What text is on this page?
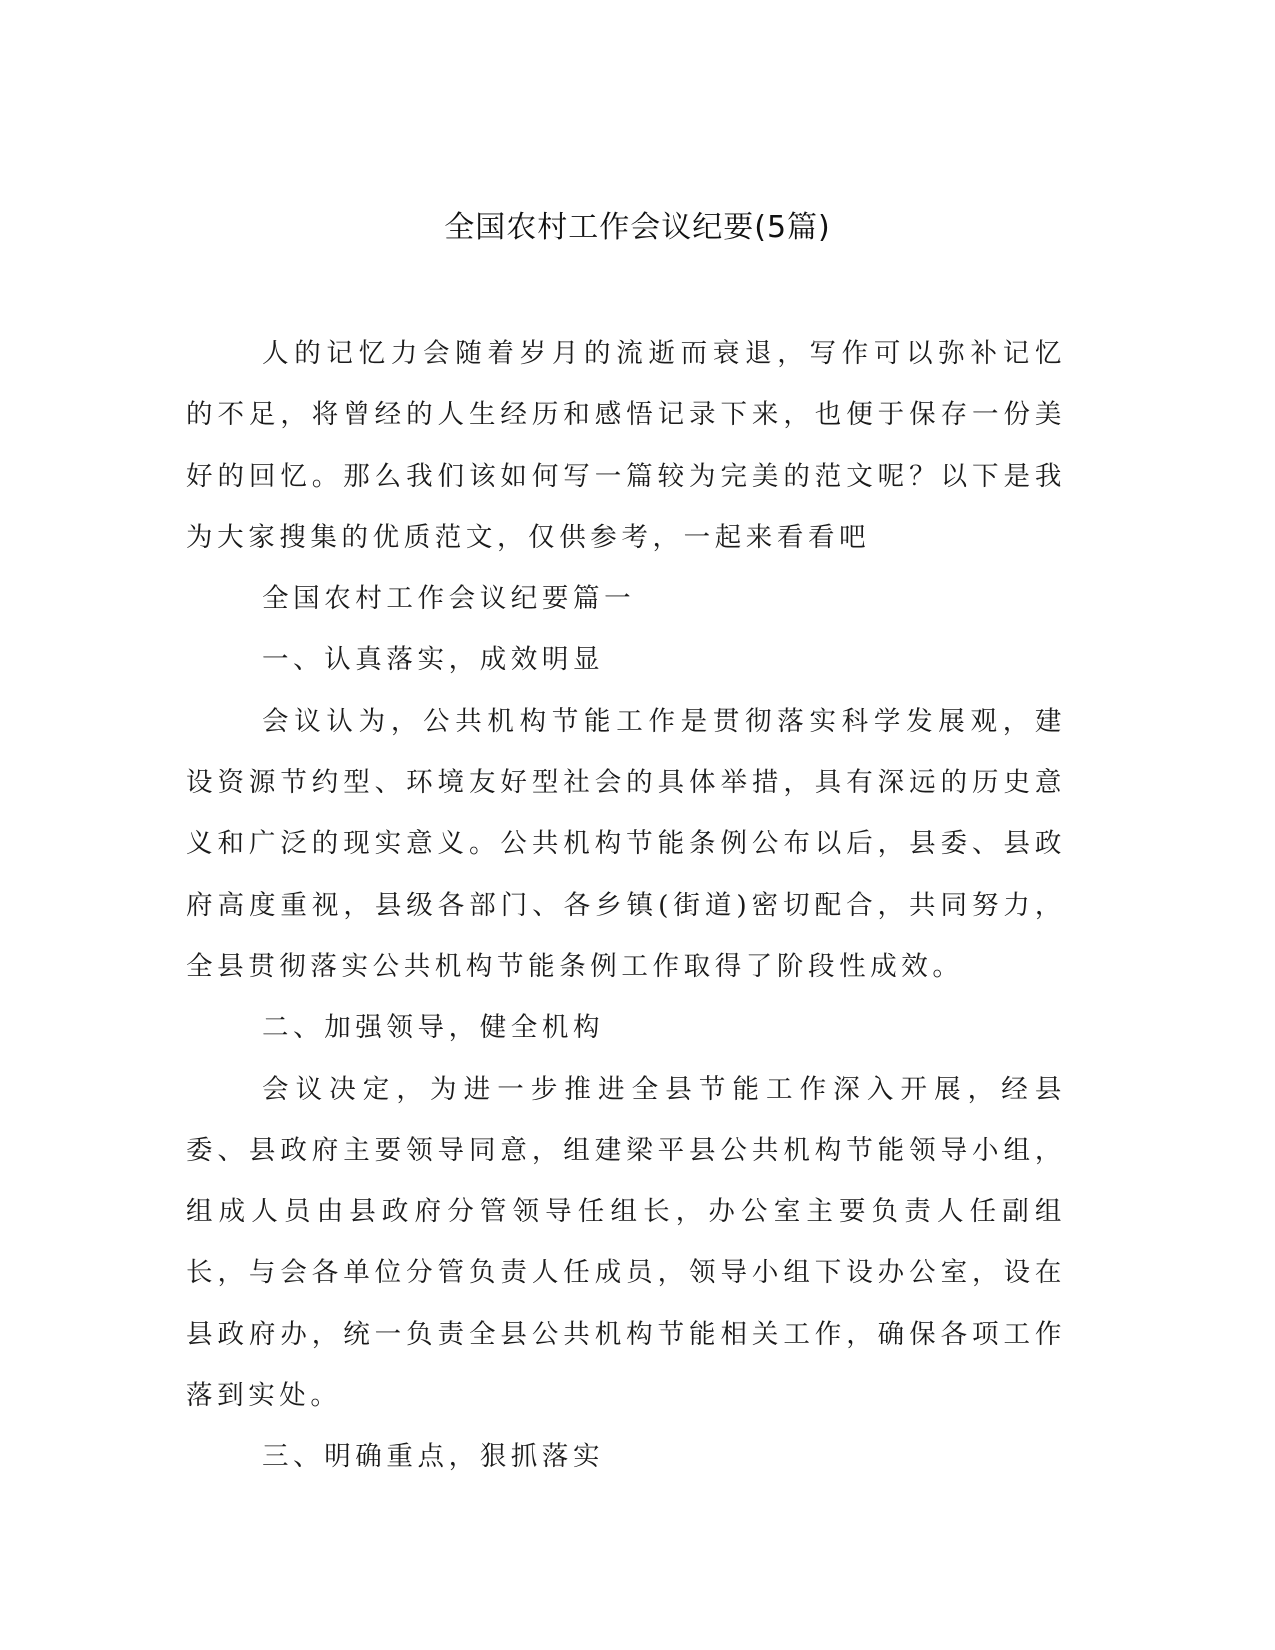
全国农村工作会议纪要(5篇)

人的记忆力会随着岁月的流逝而衰退，写作可以弥补记忆的不足，将曾经的人生经历和感悟记录下来，也便于保存一份美好的回忆。那么我们该如何写一篇较为完美的范文呢？以下是我为大家搜集的优质范文，仅供参考，一起来看看吧

全国农村工作会议纪要篇一

一、认真落实，成效明显

会议认为，公共机构节能工作是贯彻落实科学发展观，建设资源节约型、环境友好型社会的具体举措，具有深远的历史意义和广泛的现实意义。公共机构节能条例公布以后，县委、县政府高度重视，县级各部门、各乡镇(街道)密切配合，共同努力，全县贯彻落实公共机构节能条例工作取得了阶段性成效。

二、加强领导，健全机构

会议决定，为进一步推进全县节能工作深入开展，经县委、县政府主要领导同意，组建梁平县公共机构节能领导小组，组成人员由县政府分管领导任组长，办公室主要负责人任副组长，与会各单位分管负责人任成员，领导小组下设办公室，设在县政府办，统一负责全县公共机构节能相关工作，确保各项工作落到实处。

三、明确重点，狠抓落实
